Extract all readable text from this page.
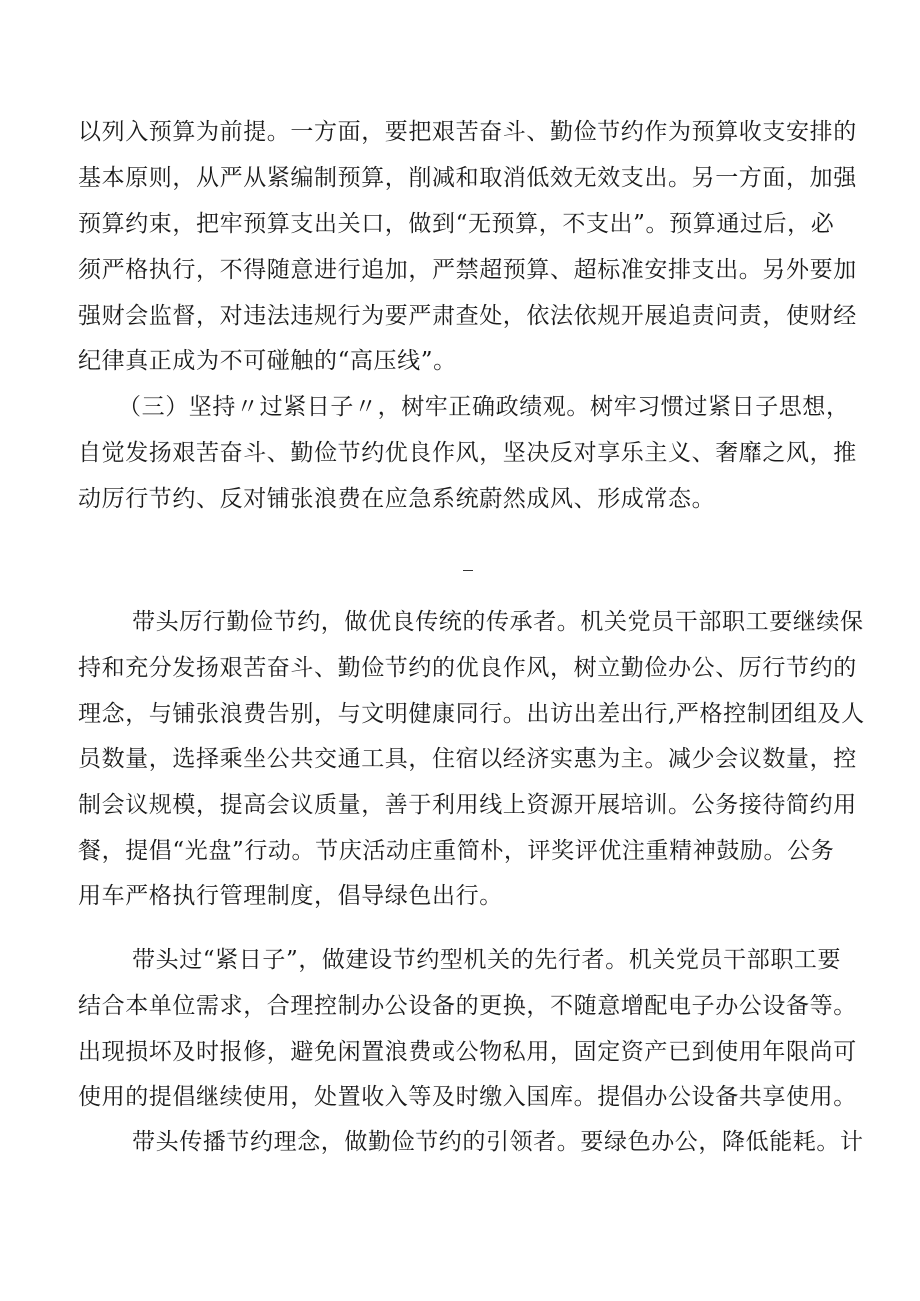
以列入预算为前提。一方面，要把艰苦奋斗、勤俭节约作为预算收支安排的
基本原则，从严从紧编制预算，削减和取消低效无效支出。另一方面，加强
预算约束，把牢预算支出关口，做到“无预算，不支出”。预算通过后，必
须严格执行，不得随意进行追加，严禁超预算、超标准安排支出。另外要加
强财会监督，对违法违规行为要严肃查处，依法依规开展追责问责，使财经
纪律真正成为不可碰触的“高压线”。
（三）坚持〃过紧日子〃，树牢正确政绩观。树牢习惯过紧日子思想，
自觉发扬艰苦奋斗、勤俭节约优良作风，坚决反对享乐主义、奢靡之风，推
动厉行节约、反对铺张浪费在应急系统蔚然成风、形成常态。
带头厉行勤俭节约，做优良传统的传承者。机关党员干部职工要继续保
持和充分发扬艰苦奋斗、勤俭节约的优良作风，树立勤俭办公、厉行节约的
理念，与铺张浪费告别，与文明健康同行。出访出差出行,严格控制团组及人
员数量，选择乘坐公共交通工具，住宿以经济实惠为主。减少会议数量，控
制会议规模，提高会议质量，善于利用线上资源开展培训。公务接待简约用
餐，提倡“光盘”行动。节庆活动庄重简朴，评奖评优注重精神鼓励。公务
用车严格执行管理制度，倡导绿色出行。
带头过“紧日子”，做建设节约型机关的先行者。机关党员干部职工要
结合本单位需求，合理控制办公设备的更换，不随意增配电子办公设备等。
出现损坏及时报修，避免闲置浪费或公物私用，固定资产已到使用年限尚可
使用的提倡继续使用，处置收入等及时缴入国库。提倡办公设备共享使用。
带头传播节约理念，做勤俭节约的引领者。要绿色办公，降低能耗。计
